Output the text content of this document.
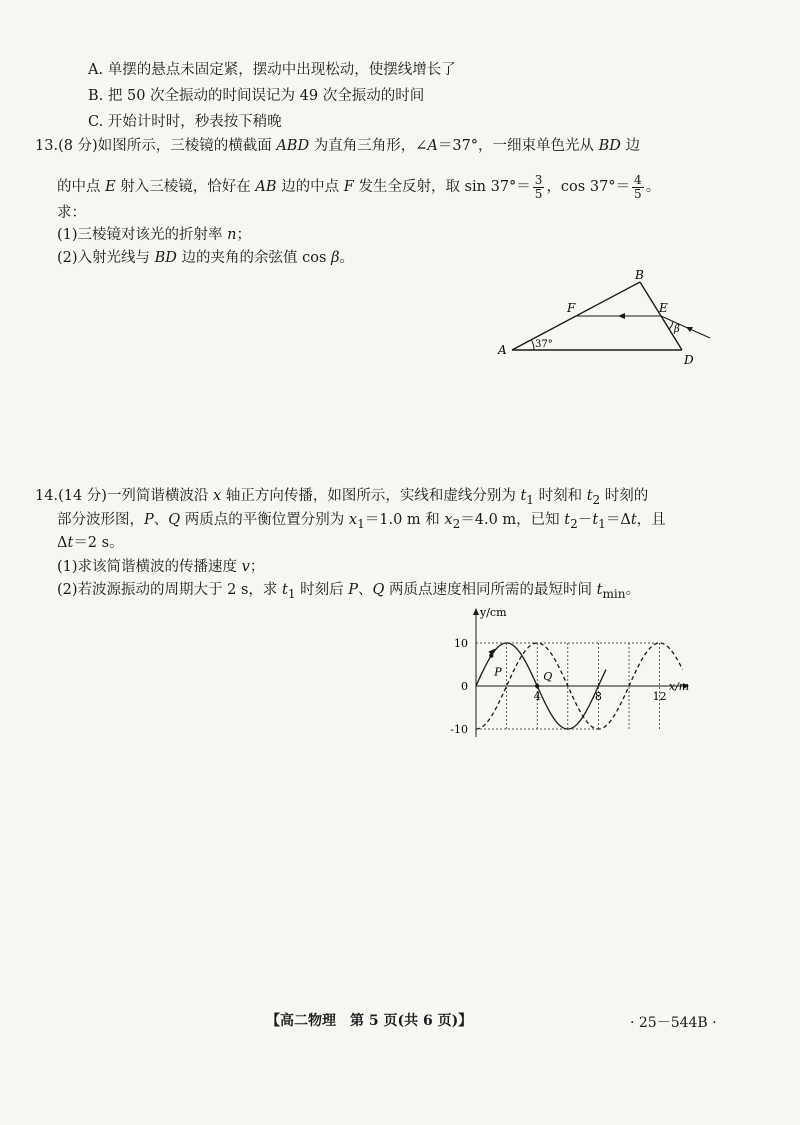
A. 单摆的悬点未固定紧，摆动中出现松动，使摆线增长了
B. 把 50 次全振动的时间误记为 49 次全振动的时间
C. 开始计时时，秒表按下稍晚
13.(8 分)如图所示，三棱镜的横截面 ABD 为直角三角形，∠A＝37°，一细束单色光从 BD 边
的中点 E 射入三棱镜，恰好在 AB 边的中点 F 发生全反射，取 $\sin 37^\circ= \frac{3}{5}$ ，$\cos 37^\circ= \frac{4}{5}$ 。
求：
(1)三棱镜对该光的折射率 n；
(2)入射光线与 BD 边的夹角的余弦值 cos β。
A
B
D
E
F
37°
β
14.(14 分)一列简谐横波沿 x 轴正方向传播，如图所示，实线和虚线分别为 $t_1$ 时刻和 $t_2$ 时刻的
部分波形图，P、Q 两质点的平衡位置分别为 $x_1=1.0$ m 和 $x_2=4.0$ m，已知 $t_2-t_1=\Delta t$，且
Δt＝2 s。
(1)求该简谐横波的传播速度 v；
(2)若波源振动的周期大于 2 s，求 $t_1$ 时刻后 P、Q 两质点速度相同所需的最短时间 $t_{min}$。
y/cm
x/m
10
0
-10
4	8	12
P	Q
【高二物理　第 5 页(共 6 页)】	· 25－544B ·
